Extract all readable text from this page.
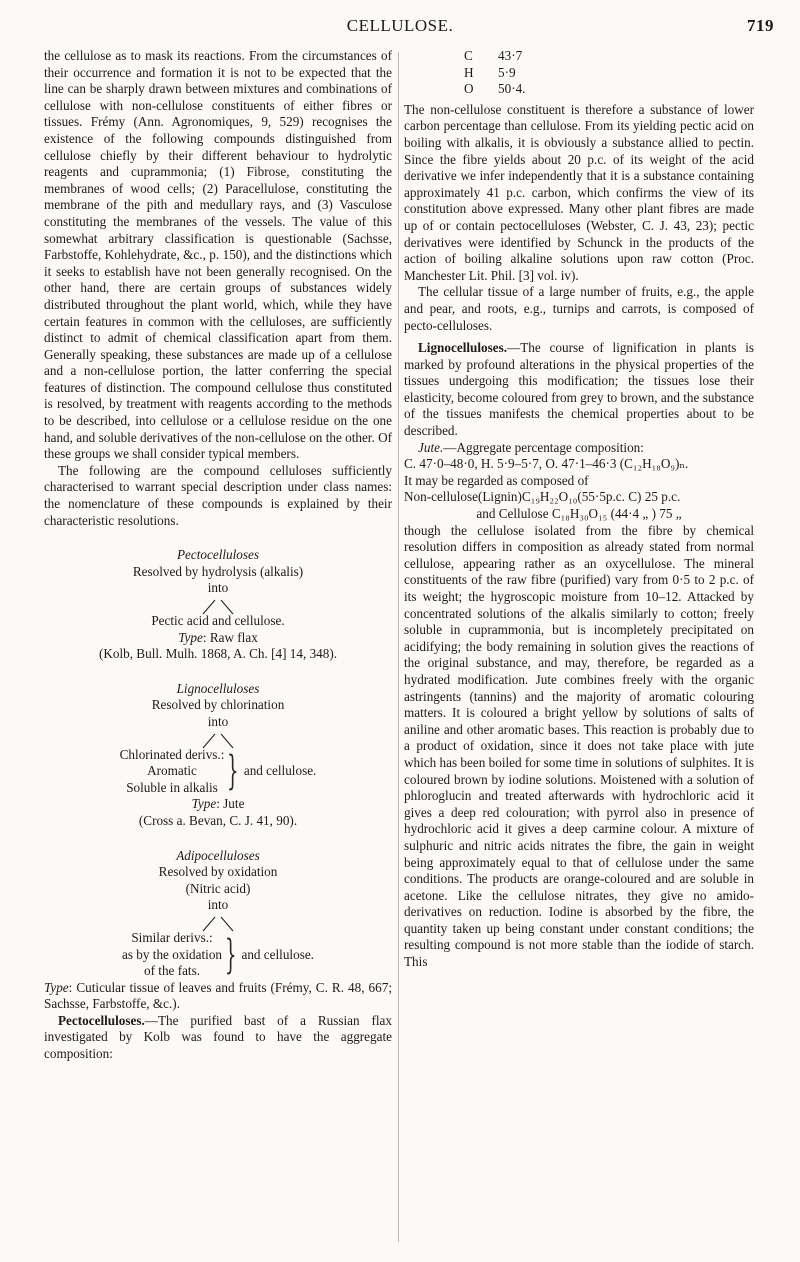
CELLULOSE.	719

the cellulose as to mask its reactions. From the circumstances of their occurrence and formation it is not to be expected that the line can be sharply drawn between mixtures and combinations of cellulose with non-cellulose constituents of either fibres or tissues. Frémy (Ann. Agronomiques, 9, 529) recognises the existence of the following compounds distinguished from cellulose chiefly by their different behaviour to hydrolytic reagents and cuprammonia; (1) Fibrose, constituting the membranes of wood cells; (2) Paracellulose, constituting the membrane of the pith and medullary rays, and (3) Vasculose constituting the membranes of the vessels. The value of this somewhat arbitrary classification is questionable (Sachsse, Farbstoffe, Kohlehydrate, &c., p. 150), and the distinctions which it seeks to establish have not been generally recognised. On the other hand, there are certain groups of substances widely distributed throughout the plant world, which, while they have certain features in common with the celluloses, are sufficiently distinct to admit of chemical classification apart from them. Generally speaking, these substances are made up of a cellulose and a non-cellulose portion, the latter conferring the special features of distinction. The compound cellulose thus constituted is resolved, by treatment with reagents according to the methods to be described, into cellulose or a cellulose residue on the one hand, and soluble derivatives of the non-cellulose on the other. Of these groups we shall consider typical members.

The following are the compound celluloses sufficiently characterised to warrant special description under class names: the nomenclature of these compounds is explained by their characteristic resolutions.

Pectocelluloses
Resolved by hydrolysis (alkalis)
into
Pectic acid and cellulose.
Type: Raw flax
(Kolb, Bull. Mulh. 1868, A. Ch. [4] 14, 348).
Lignocelluloses
Resolved by chlorination
into
Chlorinated derivs.:
Aromatic
Soluble in alkalis } and cellulose.
Type: Jute
(Cross a. Bevan, C. J. 41, 90).
Adipocelluloses
Resolved by oxidation
(Nitric acid)
into
Similar derivs.:
as by the oxidation
of the fats. } and cellulose.

Type: Cuticular tissue of leaves and fruits (Frémy, C. R. 48, 667; Sachsse, Farbstoffe, &c.).

Pectocelluloses.—The purified bast of a Russian flax investigated by Kolb was found to have the aggregate composition:

C	43·7
H	5·9
O	50·4.

The non-cellulose constituent is therefore a substance of lower carbon percentage than cellulose. From its yielding pectic acid on boiling with alkalis, it is obviously a substance allied to pectin. Since the fibre yields about 20 p.c. of its weight of the acid derivative we infer independently that it is a substance containing approximately 41 p.c. carbon, which confirms the view of its constitution above expressed. Many other plant fibres are made up of or contain pectocelluloses (Webster, C. J. 43, 23); pectic derivatives were identified by Schunck in the products of the action of boiling alkaline solutions upon raw cotton (Proc. Manchester Lit. Phil. [3] vol. iv).

The cellular tissue of a large number of fruits, e.g., the apple and pear, and roots, e.g., turnips and carrots, is composed of pecto-celluloses.

Lignocelluloses.—The course of lignification in plants is marked by profound alterations in the physical properties of the tissues undergoing this modification; the tissues lose their elasticity, become coloured from grey to brown, and the substance of the tissues manifests the chemical properties about to be described.

Jute.—Aggregate percentage composition:

C. 47·0–48·0, H. 5·9–5·7, O. 47·1–46·3 (C₁₂H₁₈O₉)ₙ.

It may be regarded as composed of

Non-cellulose(Lignin)C₁₉H₂₂O₁₀(55·5p.c. C) 25 p.c.

and Cellulose C₁₈H₃₀O₁₅ (44·4 „ ) 75 „

though the cellulose isolated from the fibre by chemical resolution differs in composition as already stated from normal cellulose, appearing rather as an oxycellulose. The mineral constituents of the raw fibre (purified) vary from 0·5 to 2 p.c. of its weight; the hygroscopic moisture from 10–12. Attacked by concentrated solutions of the alkalis similarly to cotton; freely soluble in cuprammonia, but is incompletely precipitated on acidifying; the body remaining in solution gives the reactions of the original substance, and may, therefore, be regarded as a hydrated modification. Jute combines freely with the organic astringents (tannins) and the majority of aromatic colouring matters. It is coloured a bright yellow by solutions of salts of aniline and other aromatic bases. This reaction is probably due to a product of oxidation, since it does not take place with jute which has been boiled for some time in solutions of sulphites. It is coloured brown by iodine solutions. Moistened with a solution of phloroglucin and treated afterwards with hydrochloric acid it gives a deep red colouration; with pyrrol also in presence of hydrochloric acid it gives a deep carmine colour. A mixture of sulphuric and nitric acids nitrates the fibre, the gain in weight being approximately equal to that of cellulose under the same conditions. The products are orange-coloured and are soluble in acetone. Like the cellulose nitrates, they give no amido-derivatives on reduction. Iodine is absorbed by the fibre, the quantity taken up being constant under constant conditions; the resulting compound is not more stable than the iodide of starch. This
